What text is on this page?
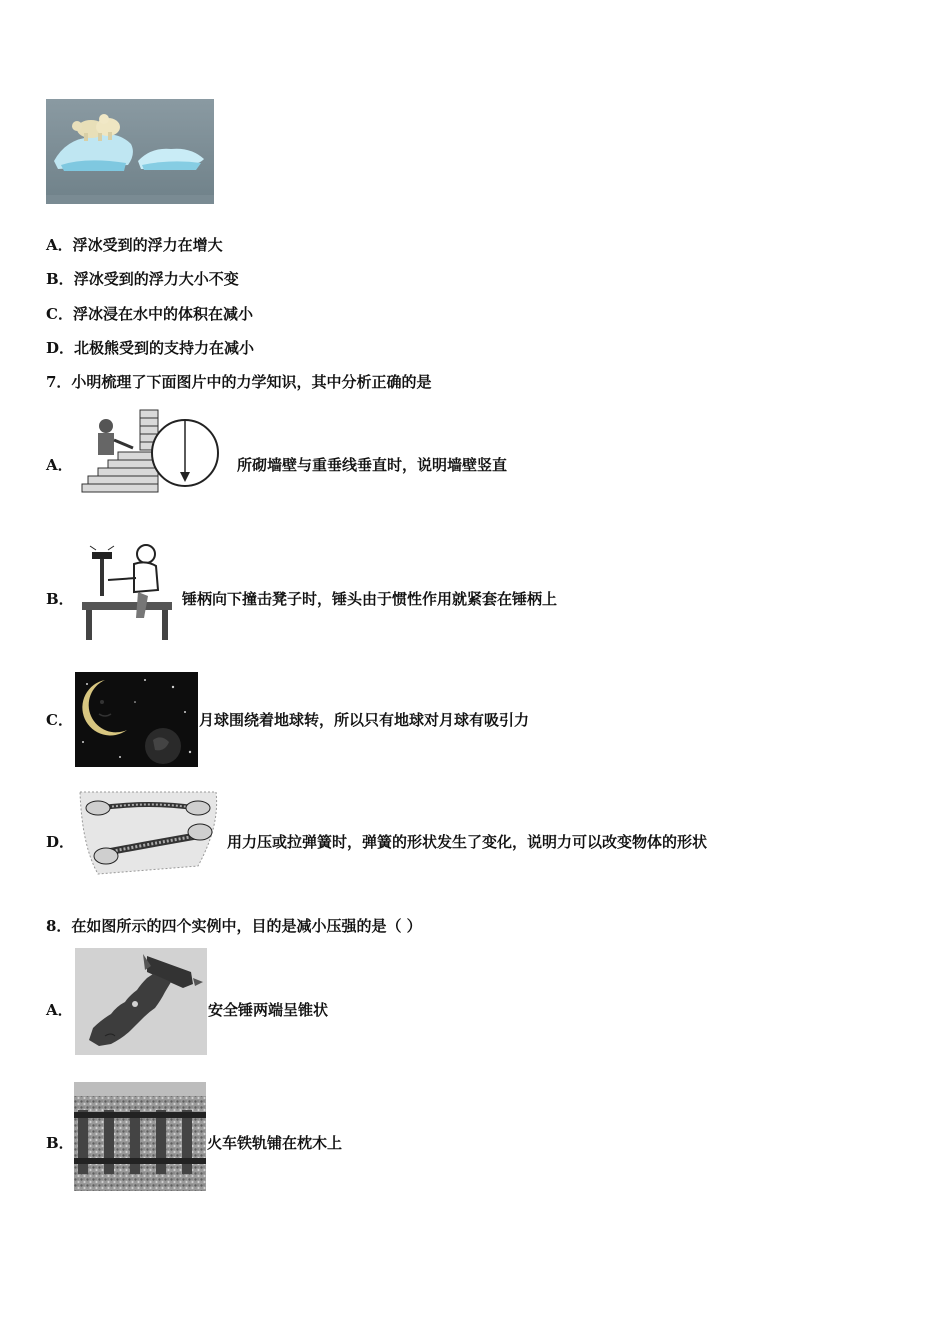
A．浮冰受到的浮力在增大
B．浮冰受到的浮力大小不变
C．浮冰浸在水中的体积在减小
D．北极熊受到的支持力在减小
7．小明梳理了下面图片中的力学知识，其中分析正确的是
A．	所砌墙壁与重垂线垂直时，说明墙壁竖直
B．	锤柄向下撞击凳子时，锤头由于惯性作用就紧套在锤柄上
C．	月球围绕着地球转，所以只有地球对月球有吸引力
D．	用力压或拉弹簧时，弹簧的形状发生了变化，说明力可以改变物体的形状
8．在如图所示的四个实例中，目的是减小压强的是（ ）
A．	安全锤两端呈锥状
B．	火车铁轨铺在枕木上
